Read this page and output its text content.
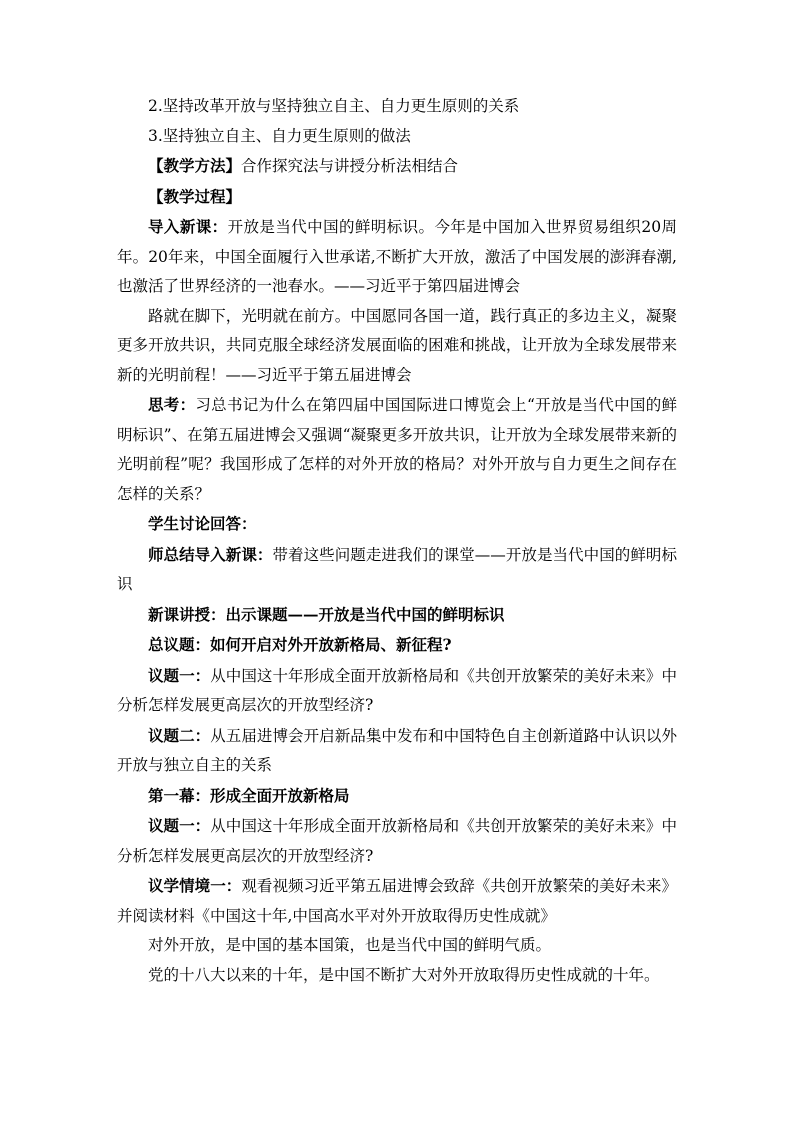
2.坚持改革开放与坚持独立自主、自力更生原则的关系

3.坚持独立自主、自力更生原则的做法

【教学方法】合作探究法与讲授分析法相结合

【教学过程】

导入新课：开放是当代中国的鲜明标识。今年是中国加入世界贸易组织20周年。20年来，中国全面履行入世承诺,不断扩大开放，激活了中国发展的澎湃春潮,也激活了世界经济的一池春水。——习近平于第四届进博会

路就在脚下，光明就在前方。中国愿同各国一道，践行真正的多边主义，凝聚更多开放共识，共同克服全球经济发展面临的困难和挑战，让开放为全球发展带来新的光明前程！——习近平于第五届进博会

思考：习总书记为什么在第四届中国国际进口博览会上“开放是当代中国的鲜明标识”、在第五届进博会又强调“凝聚更多开放共识，让开放为全球发展带来新的光明前程”呢？我国形成了怎样的对外开放的格局？对外开放与自力更生之间存在怎样的关系？

学生讨论回答：

师总结导入新课：带着这些问题走进我们的课堂——开放是当代中国的鲜明标识

新课讲授：出示课题——开放是当代中国的鲜明标识

总议题：如何开启对外开放新格局、新征程?

议题一：从中国这十年形成全面开放新格局和《共创开放繁荣的美好未来》中分析怎样发展更高层次的开放型经济?

议题二：从五届进博会开启新品集中发布和中国特色自主创新道路中认识以外开放与独立自主的关系

第一幕：形成全面开放新格局

议题一：从中国这十年形成全面开放新格局和《共创开放繁荣的美好未来》中分析怎样发展更高层次的开放型经济?

议学情境一：观看视频习近平第五届进博会致辞《共创开放繁荣的美好未来》并阅读材料《中国这十年,中国高水平对外开放取得历史性成就》

对外开放，是中国的基本国策，也是当代中国的鲜明气质。

党的十八大以来的十年，是中国不断扩大对外开放取得历史性成就的十年。
